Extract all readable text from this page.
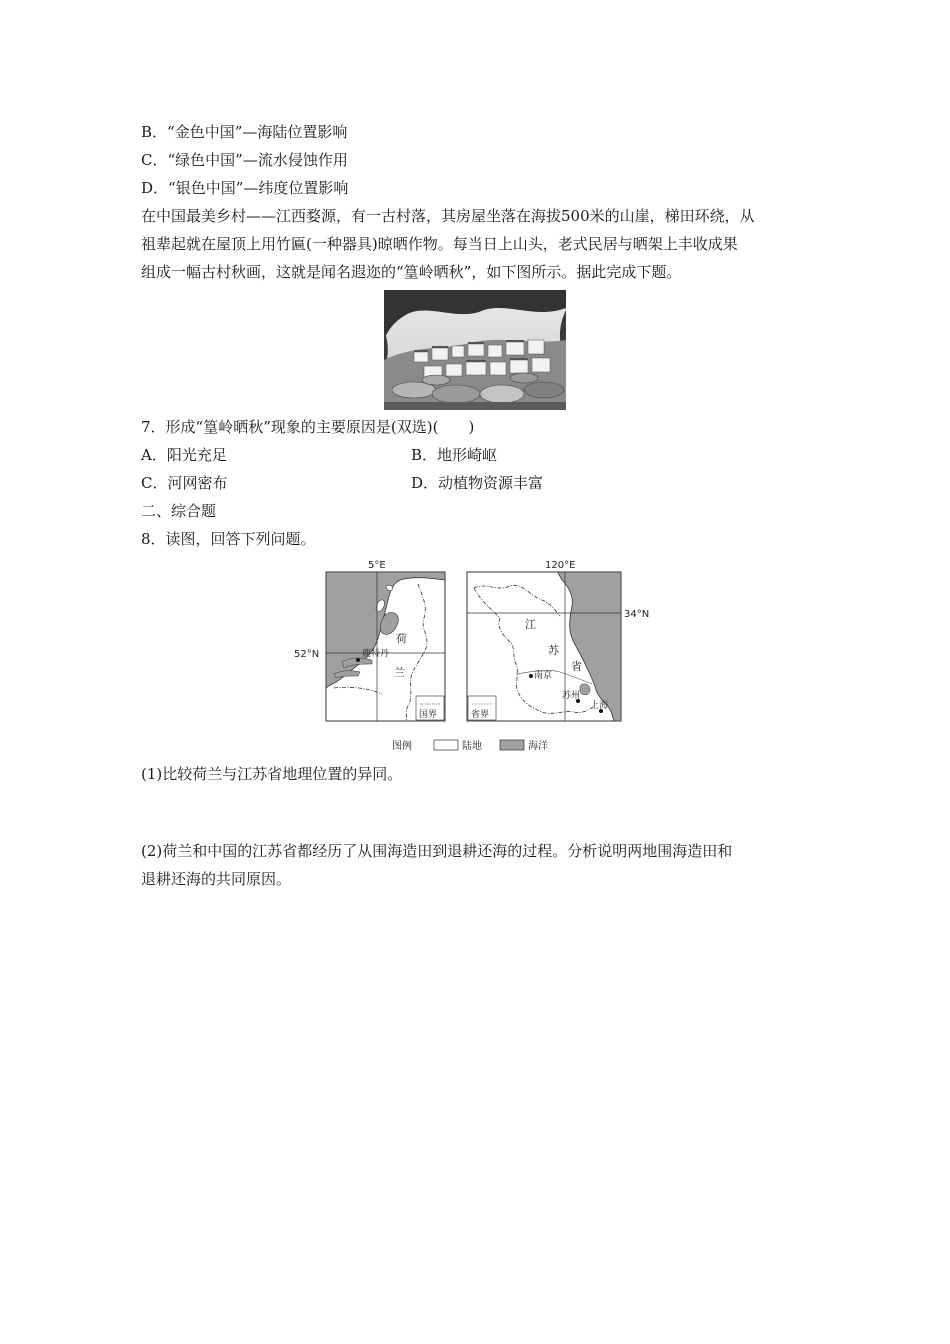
B．“金色中国”—海陆位置影响
C．“绿色中国”—流水侵蚀作用
D．“银色中国”—纬度位置影响
在中国最美乡村——江西婺源，有一古村落，其房屋坐落在海拔500米的山崖，梯田环绕，从
祖辈起就在屋顶上用竹匾(一种器具)晾晒作物。每当日上山头，老式民居与晒架上丰收成果
组成一幅古村秋画，这就是闻名遐迩的“篁岭晒秋”，如下图所示。据此完成下题。
7．形成“篁岭晒秋”现象的主要原因是(双选)(　　)
A．阳光充足	B．地形崎岖
C．河网密布	D．动植物资源丰富
二、综合题
8．读图，回答下列问题。
5°E
52°N
荷
兰
鹿特丹
国界
120°E
34°N
江
苏
省
南京
苏州
上海
省界
图例	陆地	海洋
(1)比较荷兰与江苏省地理位置的异同。
(2)荷兰和中国的江苏省都经历了从围海造田到退耕还海的过程。分析说明两地围海造田和
退耕还海的共同原因。
